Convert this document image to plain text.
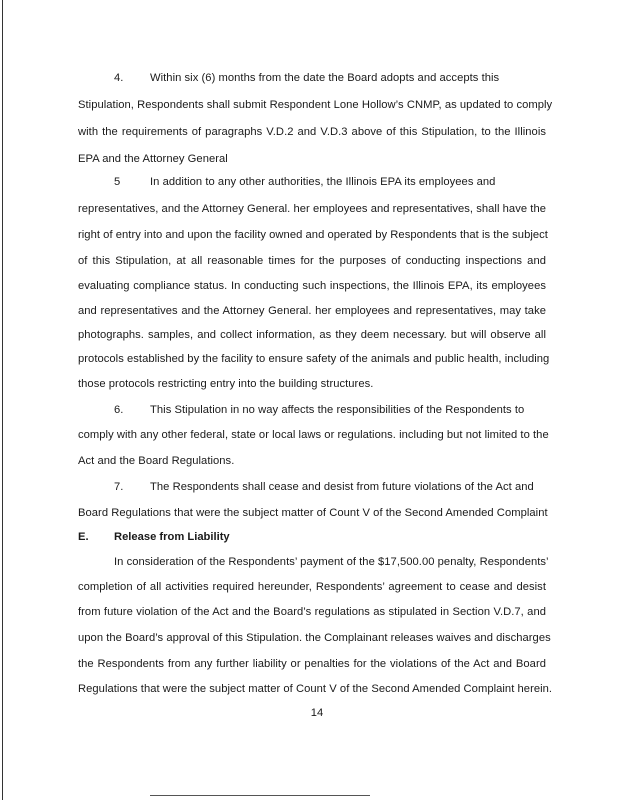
4. Within six (6) months from the date the Board adopts and accepts this
Stipulation, Respondents shall submit Respondent Lone Hollow’s CNMP, as updated to comply
with the requirements of paragraphs V.D.2 and V.D.3 above of this Stipulation, to the Illinois
EPA and the Attorney General
5	In addition to any other authorities, the Illinois EPA its employees and
representatives, and the Attorney General. her employees and representatives, shall have the
right of entry into and upon the facility owned and operated by Respondents that is the subject
of this Stipulation, at all reasonable times for the purposes of conducting inspections and
evaluating compliance status. In conducting such inspections, the Illinois EPA, its employees
and representatives and the Attorney General. her employees and representatives, may take
photographs. samples, and collect information, as they deem necessary. but will observe all
protocols established by the facility to ensure safety of the animals and public health, including
those protocols restricting entry into the building structures.
6. This Stipulation in no way affects the responsibilities of the Respondents to
comply with any other federal, state or local laws or regulations. including but not limited to the
Act and the Board Regulations.
7. The Respondents shall cease and desist from future violations of the Act and
Board Regulations that were the subject matter of Count V of the Second Amended Complaint
E. Release from Liability
In consideration of the Respondents’ payment of the $17,500.00 penalty, Respondents’
completion of all activities required hereunder, Respondents’ agreement to cease and desist
from future violation of the Act and the Board’s regulations as stipulated in Section V.D.7, and
upon the Board’s approval of this Stipulation. the Complainant releases waives and discharges
the Respondents from any further liability or penalties for the violations of the Act and Board
Regulations that were the subject matter of Count V of the Second Amended Complaint herein.
14
